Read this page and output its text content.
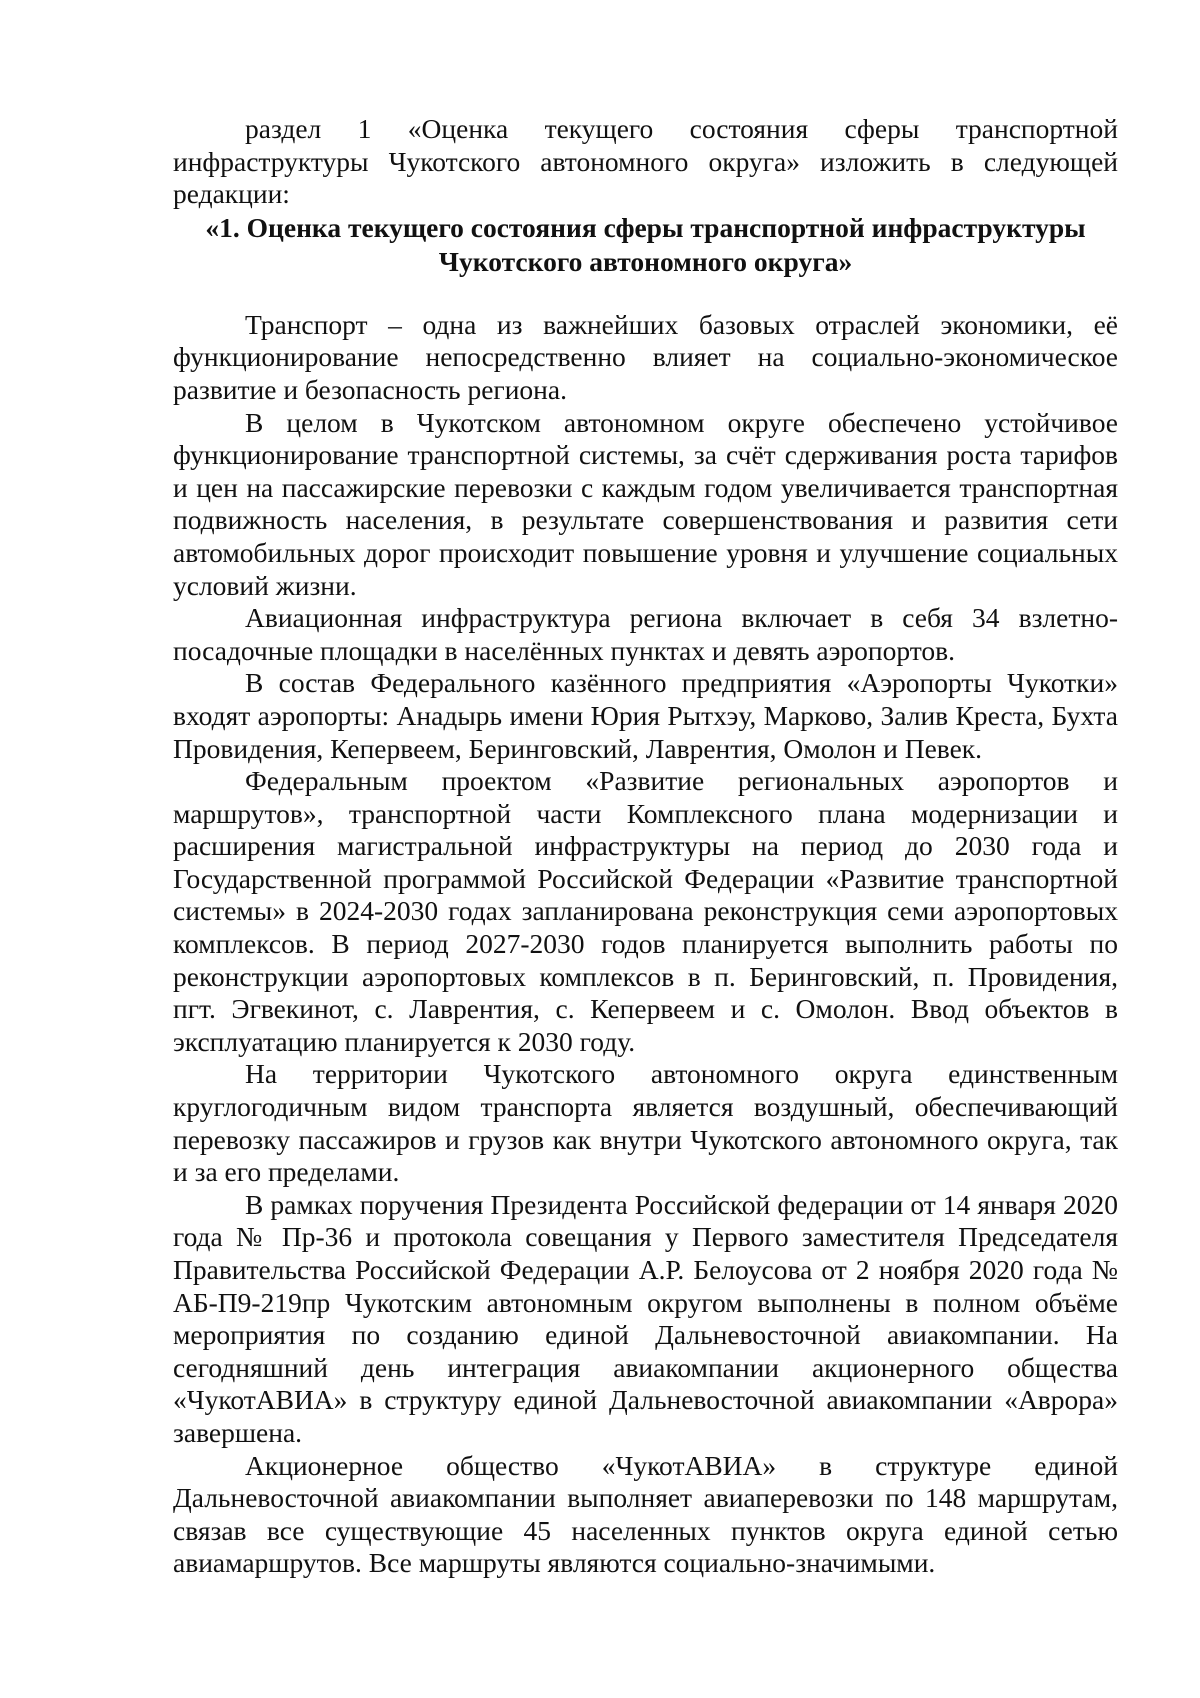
раздел 1 «Оценка текущего состояния сферы транспортной инфраструктуры Чукотского автономного округа» изложить в следующей редакции:

«1. Оценка текущего состояния сферы транспортной инфраструктуры

Чукотского автономного округа»

Транспорт – одна из важнейших базовых отраслей экономики, её функционирование непосредственно влияет на социально-экономическое развитие и безопасность региона.

В целом в Чукотском автономном округе обеспечено устойчивое функционирование транспортной системы, за счёт сдерживания роста тарифов и цен на пассажирские перевозки с каждым годом увеличивается транспортная подвижность населения, в результате совершенствования и развития сети автомобильных дорог происходит повышение уровня и улучшение социальных условий жизни.

Авиационная инфраструктура региона включает в себя 34 взлетно-посадочные площадки в населённых пунктах и девять аэропортов.

В состав Федерального казённого предприятия «Аэропорты Чукотки» входят аэропорты: Анадырь имени Юрия Рытхэу, Марково, Залив Креста, Бухта Провидения, Кепервеем, Беринговский, Лаврентия, Омолон и Певек.

Федеральным проектом «Развитие региональных аэропортов и маршрутов», транспортной части Комплексного плана модернизации и расширения магистральной инфраструктуры на период до 2030 года и Государственной программой Российской Федерации «Развитие транспортной системы» в 2024-2030 годах запланирована реконструкция семи аэропортовых комплексов. В период 2027-2030 годов планируется выполнить работы по реконструкции аэропортовых комплексов в п. Беринговский, п. Провидения, пгт. Эгвекинот, с. Лаврентия, с. Кепервеем и с. Омолон. Ввод объектов в эксплуатацию планируется к 2030 году.

На территории Чукотского автономного округа единственным круглогодичным видом транспорта является воздушный, обеспечивающий перевозку пассажиров и грузов как внутри Чукотского автономного округа, так и за его пределами.

В рамках поручения Президента Российской федерации от 14 января 2020 года № Пр-36 и протокола совещания у Первого заместителя Председателя Правительства Российской Федерации А.Р. Белоусова от 2 ноября 2020 года № АБ-П9-219пр Чукотским автономным округом выполнены в полном объёме мероприятия по созданию единой Дальневосточной авиакомпании. На сегодняшний день интеграция авиакомпании акционерного общества «ЧукотАВИА» в структуру единой Дальневосточной авиакомпании «Аврора» завершена.

Акционерное общество «ЧукотАВИА» в структуре единой Дальневосточной авиакомпании выполняет авиаперевозки по 148 маршрутам, связав все существующие 45 населенных пунктов округа единой сетью авиамаршрутов. Все маршруты являются социально-значимыми.
